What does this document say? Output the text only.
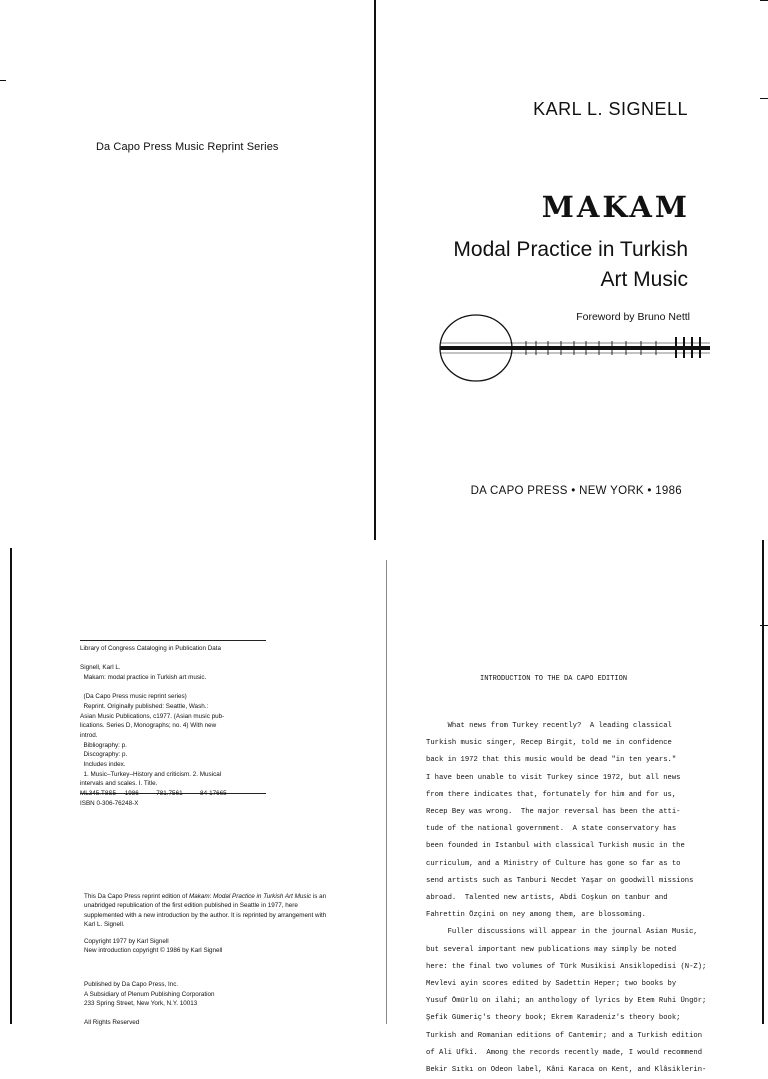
Da Capo Press Music Reprint Series
KARL L. SIGNELL
MAKAM
Modal Practice in Turkish
Art Music
Foreword by Bruno Nettl
DA CAPO PRESS • NEW YORK • 1986
Library of Congress Cataloging in Publication Data
Signell, Karl L.
Makam: modal practice in Turkish art music.

(Da Capo Press music reprint series)
Reprint. Originally published: Seattle, Wash.:
Asian Music Publications, c1977. (Asian music pub-
lications. Series D, Monographs; no. 4) With new
introd.
Bibliography: p.
Discography: p.
Includes index.
1. Music–Turkey–History and criticism. 2. Musical
intervals and scales. I. Title.
ML345.T8S5     1986          781.7561          84-17665
ISBN 0-306-76248-X

This Da Capo Press reprint edition of Makam: Modal Practice in Turkish Art Music is an unabridged republication of the first edition published in Seattle in 1977, here supplemented with a new introduction by the author. It is reprinted by arrangement with Karl L. Signell.

Copyright 1977 by Karl Signell
New introduction copyright © 1986 by Karl Signell
Published by Da Capo Press, Inc.
A Subsidiary of Plenum Publishing Corporation
233 Spring Street, New York, N.Y. 10013

All Rights Reserved
INTRODUCTION TO THE DA CAPO EDITION
What news from Turkey recently?  A leading classical
Turkish music singer, Recep Birgit, told me in confidence
back in 1972 that this music would be dead "in ten years."
I have been unable to visit Turkey since 1972, but all news
from there indicates that, fortunately for him and for us,
Recep Bey was wrong.  The major reversal has been the atti-
tude of the national government.  A state conservatory has
been founded in Istanbul with classical Turkish music in the
curriculum, and a Ministry of Culture has gone so far as to
send artists such as Tanburi Necdet Yaşar on goodwill missions
abroad.  Talented new artists, Abdi Coşkun on tanbur and
Fahrettin Özçini on ney among them, are blossoming.
Fuller discussions will appear in the journal Asian Music,
but several important new publications may simply be noted
here: the final two volumes of Türk Musikisi Ansiklopedisi (N-Z);
Mevlevi ayin scores edited by Sadettin Heper; two books by
Yusuf Ömürlü on ilahi; an anthology of lyrics by Etem Ruhi Üngör;
Şefik Gümeriç's theory book; Ekrem Karadeniz's theory book;
Turkish and Romanian editions of Cantemir; and a Turkish edition
of Ali Ufkî.  Among the records recently made, I would recommend
Bekir Sıtkı on Odeon label, Kâni Karaca on Kent, and Klâsiklerin-
